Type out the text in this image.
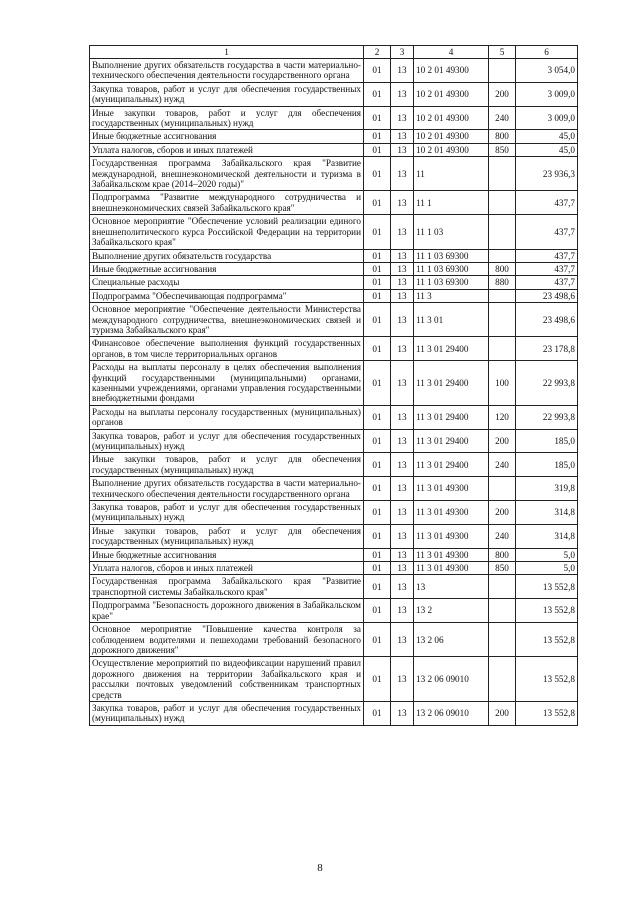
1	2	3	4	5	6
Выполнение других обязательств государства в части материально-технического обеспечения деятельности государственного органа	01	13	10 2 01 49300		3 054,0
Закупка товаров, работ и услуг для обеспечения государственных (муниципальных) нужд	01	13	10 2 01 49300	200	3 009,0
Иные закупки товаров, работ и услуг для обеспечения государственных (муниципальных) нужд	01	13	10 2 01 49300	240	3 009,0
Иные бюджетные ассигнования	01	13	10 2 01 49300	800	45,0
Уплата налогов, сборов и иных платежей	01	13	10 2 01 49300	850	45,0
Государственная программа Забайкальского края "Развитие международной, внешнеэкономической деятельности и туризма в Забайкальском крае (2014–2020 годы)"	01	13	11		23 936,3
Подпрограмма "Развитие международного сотрудничества и внешнеэкономических связей Забайкальского края"	01	13	11 1		437,7
Основное мероприятие "Обеспечение условий реализации единого внешнеполитического курса Российской Федерации на территории Забайкальского края"	01	13	11 1 03		437,7
Выполнение других обязательств государства	01	13	11 1 03 69300		437,7
Иные бюджетные ассигнования	01	13	11 1 03 69300	800	437,7
Специальные расходы	01	13	11 1 03 69300	880	437,7
Подпрограмма "Обеспечивающая подпрограмма"	01	13	11 3		23 498,6
Основное мероприятие "Обеспечение деятельности Министерства международного сотрудничества, внешнеэкономических связей и туризма Забайкальского края"	01	13	11 3 01		23 498,6
Финансовое обеспечение выполнения функций государственных органов, в том числе территориальных органов	01	13	11 3 01 29400		23 178,8
Расходы на выплаты персоналу в целях обеспечения выполнения функций государственными (муниципальными) органами, казенными учреждениями, органами управления государственными внебюджетными фондами	01	13	11 3 01 29400	100	22 993,8
Расходы на выплаты персоналу государственных (муниципальных) органов	01	13	11 3 01 29400	120	22 993,8
Закупка товаров, работ и услуг для обеспечения государственных (муниципальных) нужд	01	13	11 3 01 29400	200	185,0
Иные закупки товаров, работ и услуг для обеспечения государственных (муниципальных) нужд	01	13	11 3 01 29400	240	185,0
Выполнение других обязательств государства в части материально-технического обеспечения деятельности государственного органа	01	13	11 3 01 49300		319,8
Закупка товаров, работ и услуг для обеспечения государственных (муниципальных) нужд	01	13	11 3 01 49300	200	314,8
Иные закупки товаров, работ и услуг для обеспечения государственных (муниципальных) нужд	01	13	11 3 01 49300	240	314,8
Иные бюджетные ассигнования	01	13	11 3 01 49300	800	5,0
Уплата налогов, сборов и иных платежей	01	13	11 3 01 49300	850	5,0
Государственная программа Забайкальского края "Развитие транспортной системы Забайкальского края"	01	13	13		13 552,8
Подпрограмма "Безопасность дорожного движения в Забайкальском крае"	01	13	13 2		13 552,8
Основное мероприятие "Повышение качества контроля за соблюдением водителями и пешеходами требований безопасного дорожного движения"	01	13	13 2 06		13 552,8
Осуществление мероприятий по видеофиксации нарушений правил дорожного движения на территории Забайкальского края и рассылки почтовых уведомлений собственникам транспортных средств	01	13	13 2 06 09010		13 552,8
Закупка товаров, работ и услуг для обеспечения государственных (муниципальных) нужд	01	13	13 2 06 09010	200	13 552,8
8
